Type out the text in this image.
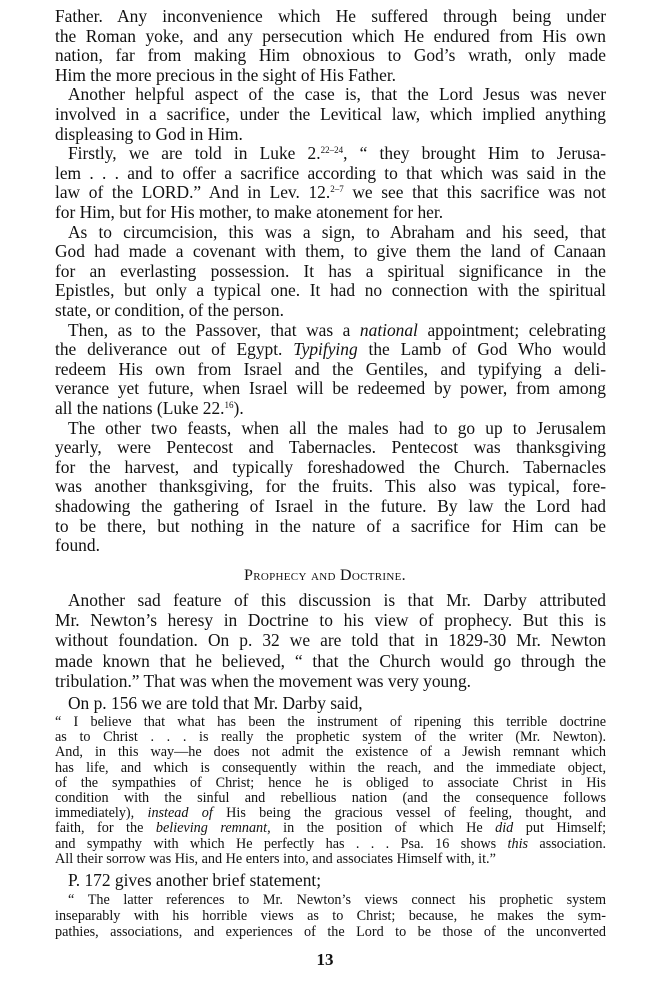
Prophecy and Doctrine.
13
Father. Any inconvenience which He suffered through being under
the Roman yoke, and any persecution which He endured from His own
nation, far from making Him obnoxious to God’s wrath, only made
Him the more precious in the sight of His Father.
Another helpful aspect of the case is, that the Lord Jesus was never
involved in a sacrifice, under the Levitical law, which implied anything
displeasing to God in Him.
Firstly, we are told in Luke 2.$^{22-24}$, “ they brought Him to Jerusa-
lem . . . and to offer a sacrifice according to that which was said in the
law of the LORD.” And in Lev. 12.$^{2-7}$ we see that this sacrifice was not
for Him, but for His mother, to make atonement for her.
As to circumcision, this was a sign, to Abraham and his seed, that
God had made a covenant with them, to give them the land of Canaan
for an everlasting possession. It has a spiritual significance in the
Epistles, but only a typical one. It had no connection with the spiritual
state, or condition, of the person.
Then, as to the Passover, that was a national appointment; celebrating
the deliverance out of Egypt. Typifying the Lamb of God Who would
redeem His own from Israel and the Gentiles, and typifying a deli-
verance yet future, when Israel will be redeemed by power, from among
all the nations (Luke 22.16).
The other two feasts, when all the males had to go up to Jerusalem
yearly, were Pentecost and Tabernacles. Pentecost was thanksgiving
for the harvest, and typically foreshadowed the Church. Tabernacles
was another thanksgiving, for the fruits. This also was typical, fore-
shadowing the gathering of Israel in the future. By law the Lord had
to be there, but nothing in the nature of a sacrifice for Him can be
found.
Another sad feature of this discussion is that Mr. Darby attributed
Mr. Newton’s heresy in Doctrine to his view of prophecy. But this is
without foundation. On p. 32 we are told that in 1829-30 Mr. Newton
made known that he believed, “ that the Church would go through the
tribulation.” That was when the movement was very young.
On p. 156 we are told that Mr. Darby said,
“ I believe that what has been the instrument of ripening this terrible doctrine
as to Christ . . . is really the prophetic system of the writer (Mr. Newton).
And, in this way—he does not admit the existence of a Jewish remnant which
has life, and which is consequently within the reach, and the immediate object,
of the sympathies of Christ; hence he is obliged to associate Christ in His
condition with the sinful and rebellious nation (and the consequence follows
immediately), instead of His being the gracious vessel of feeling, thought, and
faith, for the believing remnant, in the position of which He did put Himself;
and sympathy with which He perfectly has . . . Psa. 16 shows this association.
All their sorrow was His, and He enters into, and associates Himself with, it.”
P. 172 gives another brief statement;
“ The latter references to Mr. Newton’s views connect his prophetic system
inseparably with his horrible views as to Christ; because, he makes the sym-
pathies, associations, and experiences of the Lord to be those of the unconverted
